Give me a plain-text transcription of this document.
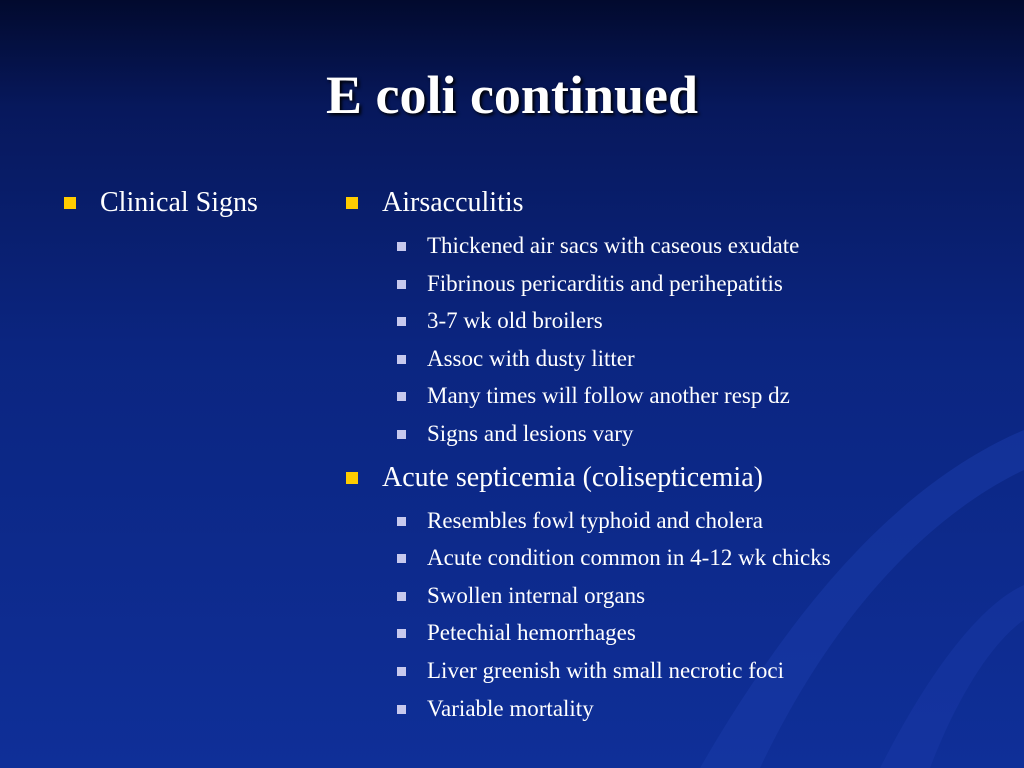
E coli continued
Clinical Signs	Airsacculitis
Thickened air sacs with caseous exudate
Fibrinous pericarditis and perihepatitis
3-7 wk old broilers
Assoc with dusty litter
Many times will follow another resp dz
Signs and lesions vary
Acute septicemia (colisepticemia)
Resembles fowl typhoid and cholera
Acute condition common in 4-12 wk chicks
Swollen internal organs
Petechial hemorrhages
Liver greenish with small necrotic foci
Variable mortality
